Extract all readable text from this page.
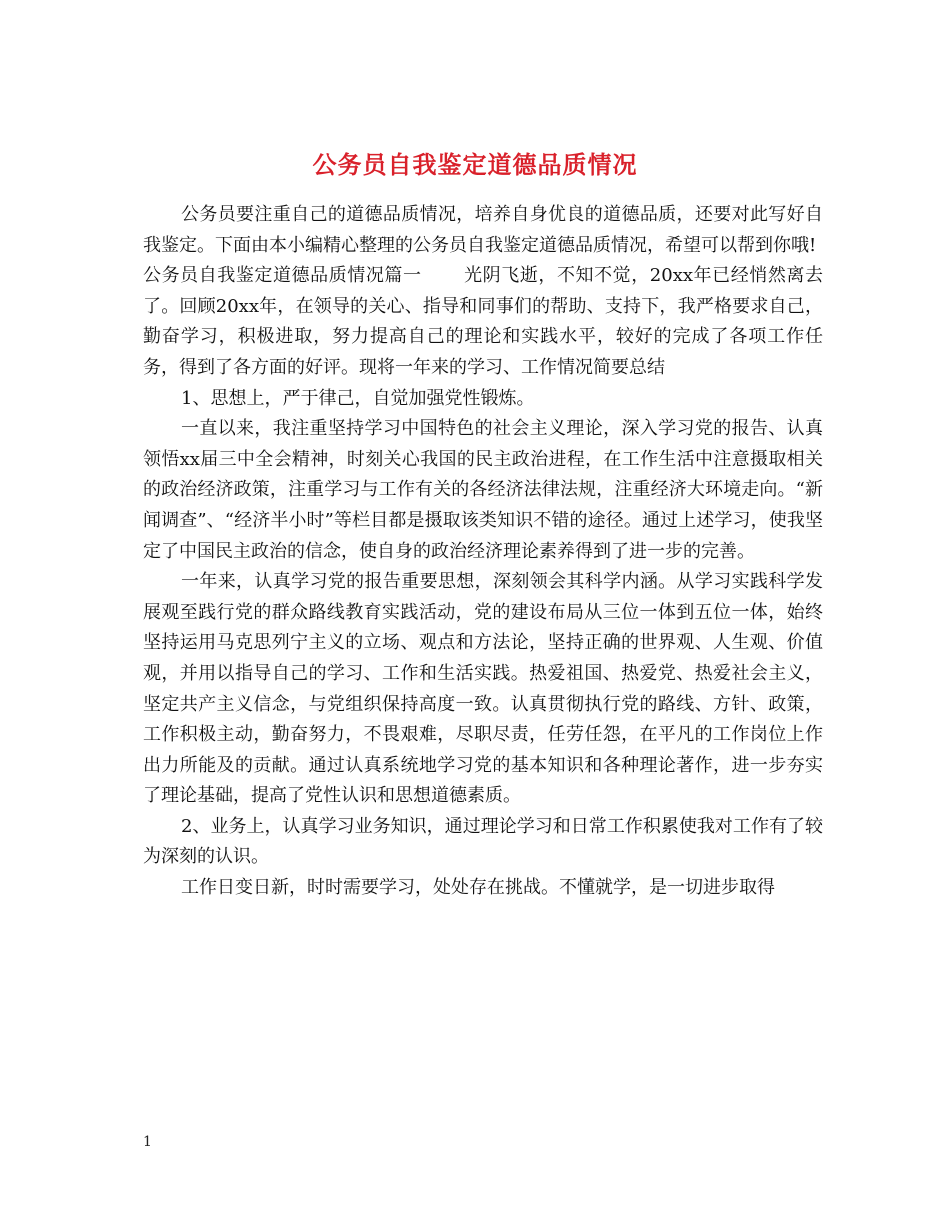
公务员自我鉴定道德品质情况

公务员要注重自己的道德品质情况，培养自身优良的道德品质，还要对此写好自我鉴定。下面由本小编精心整理的公务员自我鉴定道德品质情况，希望可以帮到你哦!

公务员自我鉴定道德品质情况篇一 光阴飞逝，不知不觉，20xx年已经悄然离去了。回顾20xx年，在领导的关心、指导和同事们的帮助、支持下，我严格要求自己，勤奋学习，积极进取，努力提高自己的理论和实践水平，较好的完成了各项工作任务，得到了各方面的好评。现将一年来的学习、工作情况简要总结

1、思想上，严于律己，自觉加强党性锻炼。

一直以来，我注重坚持学习中国特色的社会主义理论，深入学习党的报告、认真领悟xx届三中全会精神，时刻关心我国的民主政治进程，在工作生活中注意摄取相关的政治经济政策，注重学习与工作有关的各经济法律法规，注重经济大环境走向。“新闻调查”、“经济半小时”等栏目都是摄取该类知识不错的途径。通过上述学习，使我坚定了中国民主政治的信念，使自身的政治经济理论素养得到了进一步的完善。

一年来，认真学习党的报告重要思想，深刻领会其科学内涵。从学习实践科学发展观至践行党的群众路线教育实践活动，党的建设布局从三位一体到五位一体，始终坚持运用马克思列宁主义的立场、观点和方法论，坚持正确的世界观、人生观、价值观，并用以指导自己的学习、工作和生活实践。热爱祖国、热爱党、热爱社会主义，坚定共产主义信念，与党组织保持高度一致。认真贯彻执行党的路线、方针、政策，工作积极主动，勤奋努力，不畏艰难，尽职尽责，任劳任怨，在平凡的工作岗位上作出力所能及的贡献。通过认真系统地学习党的基本知识和各种理论著作，进一步夯实了理论基础，提高了党性认识和思想道德素质。

2、业务上，认真学习业务知识，通过理论学习和日常工作积累使我对工作有了较为深刻的认识。

工作日变日新，时时需要学习，处处存在挑战。不懂就学，是一切进步取得

1
